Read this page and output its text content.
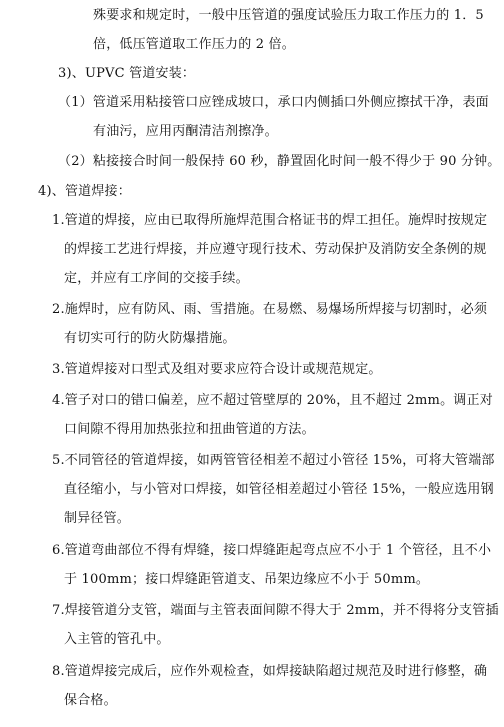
殊要求和规定时，一般中压管道的强度试验压力取工作压力的 1．5
倍，低压管道取工作压力的 2 倍。
3)、UPVC 管道安装：
（1）管道采用粘接管口应锉成坡口，承口内侧插口外侧应擦拭干净，表面
有油污，应用丙酮清洁剂擦净。
（2）粘接接合时间一般保持 60 秒，静置固化时间一般不得少于 90 分钟。
4)、管道焊接：
1.管道的焊接，应由已取得所施焊范围合格证书的焊工担任。施焊时按规定
的焊接工艺进行焊接，并应遵守现行技术、劳动保护及消防安全条例的规
定，并应有工序间的交接手续。
2.施焊时，应有防风、雨、雪措施。在易燃、易爆场所焊接与切割时，必须
有切实可行的防火防爆措施。
3.管道焊接对口型式及组对要求应符合设计或规范规定。
4.管子对口的错口偏差，应不超过管壁厚的 20%，且不超过 2mm。调正对
口间隙不得用加热张拉和扭曲管道的方法。
5.不同管径的管道焊接，如两管管径相差不超过小管径 15%，可将大管端部
直径缩小，与小管对口焊接，如管径相差超过小管径 15%，一般应选用钢
制异径管。
6.管道弯曲部位不得有焊缝，接口焊缝距起弯点应不小于 1 个管径，且不小
于 100mm；接口焊缝距管道支、吊架边缘应不小于 50mm。
7.焊接管道分支管，端面与主管表面间隙不得大于 2mm，并不得将分支管插
入主管的管孔中。
8.管道焊接完成后，应作外观检查，如焊接缺陷超过规范及时进行修整，确
保合格。
